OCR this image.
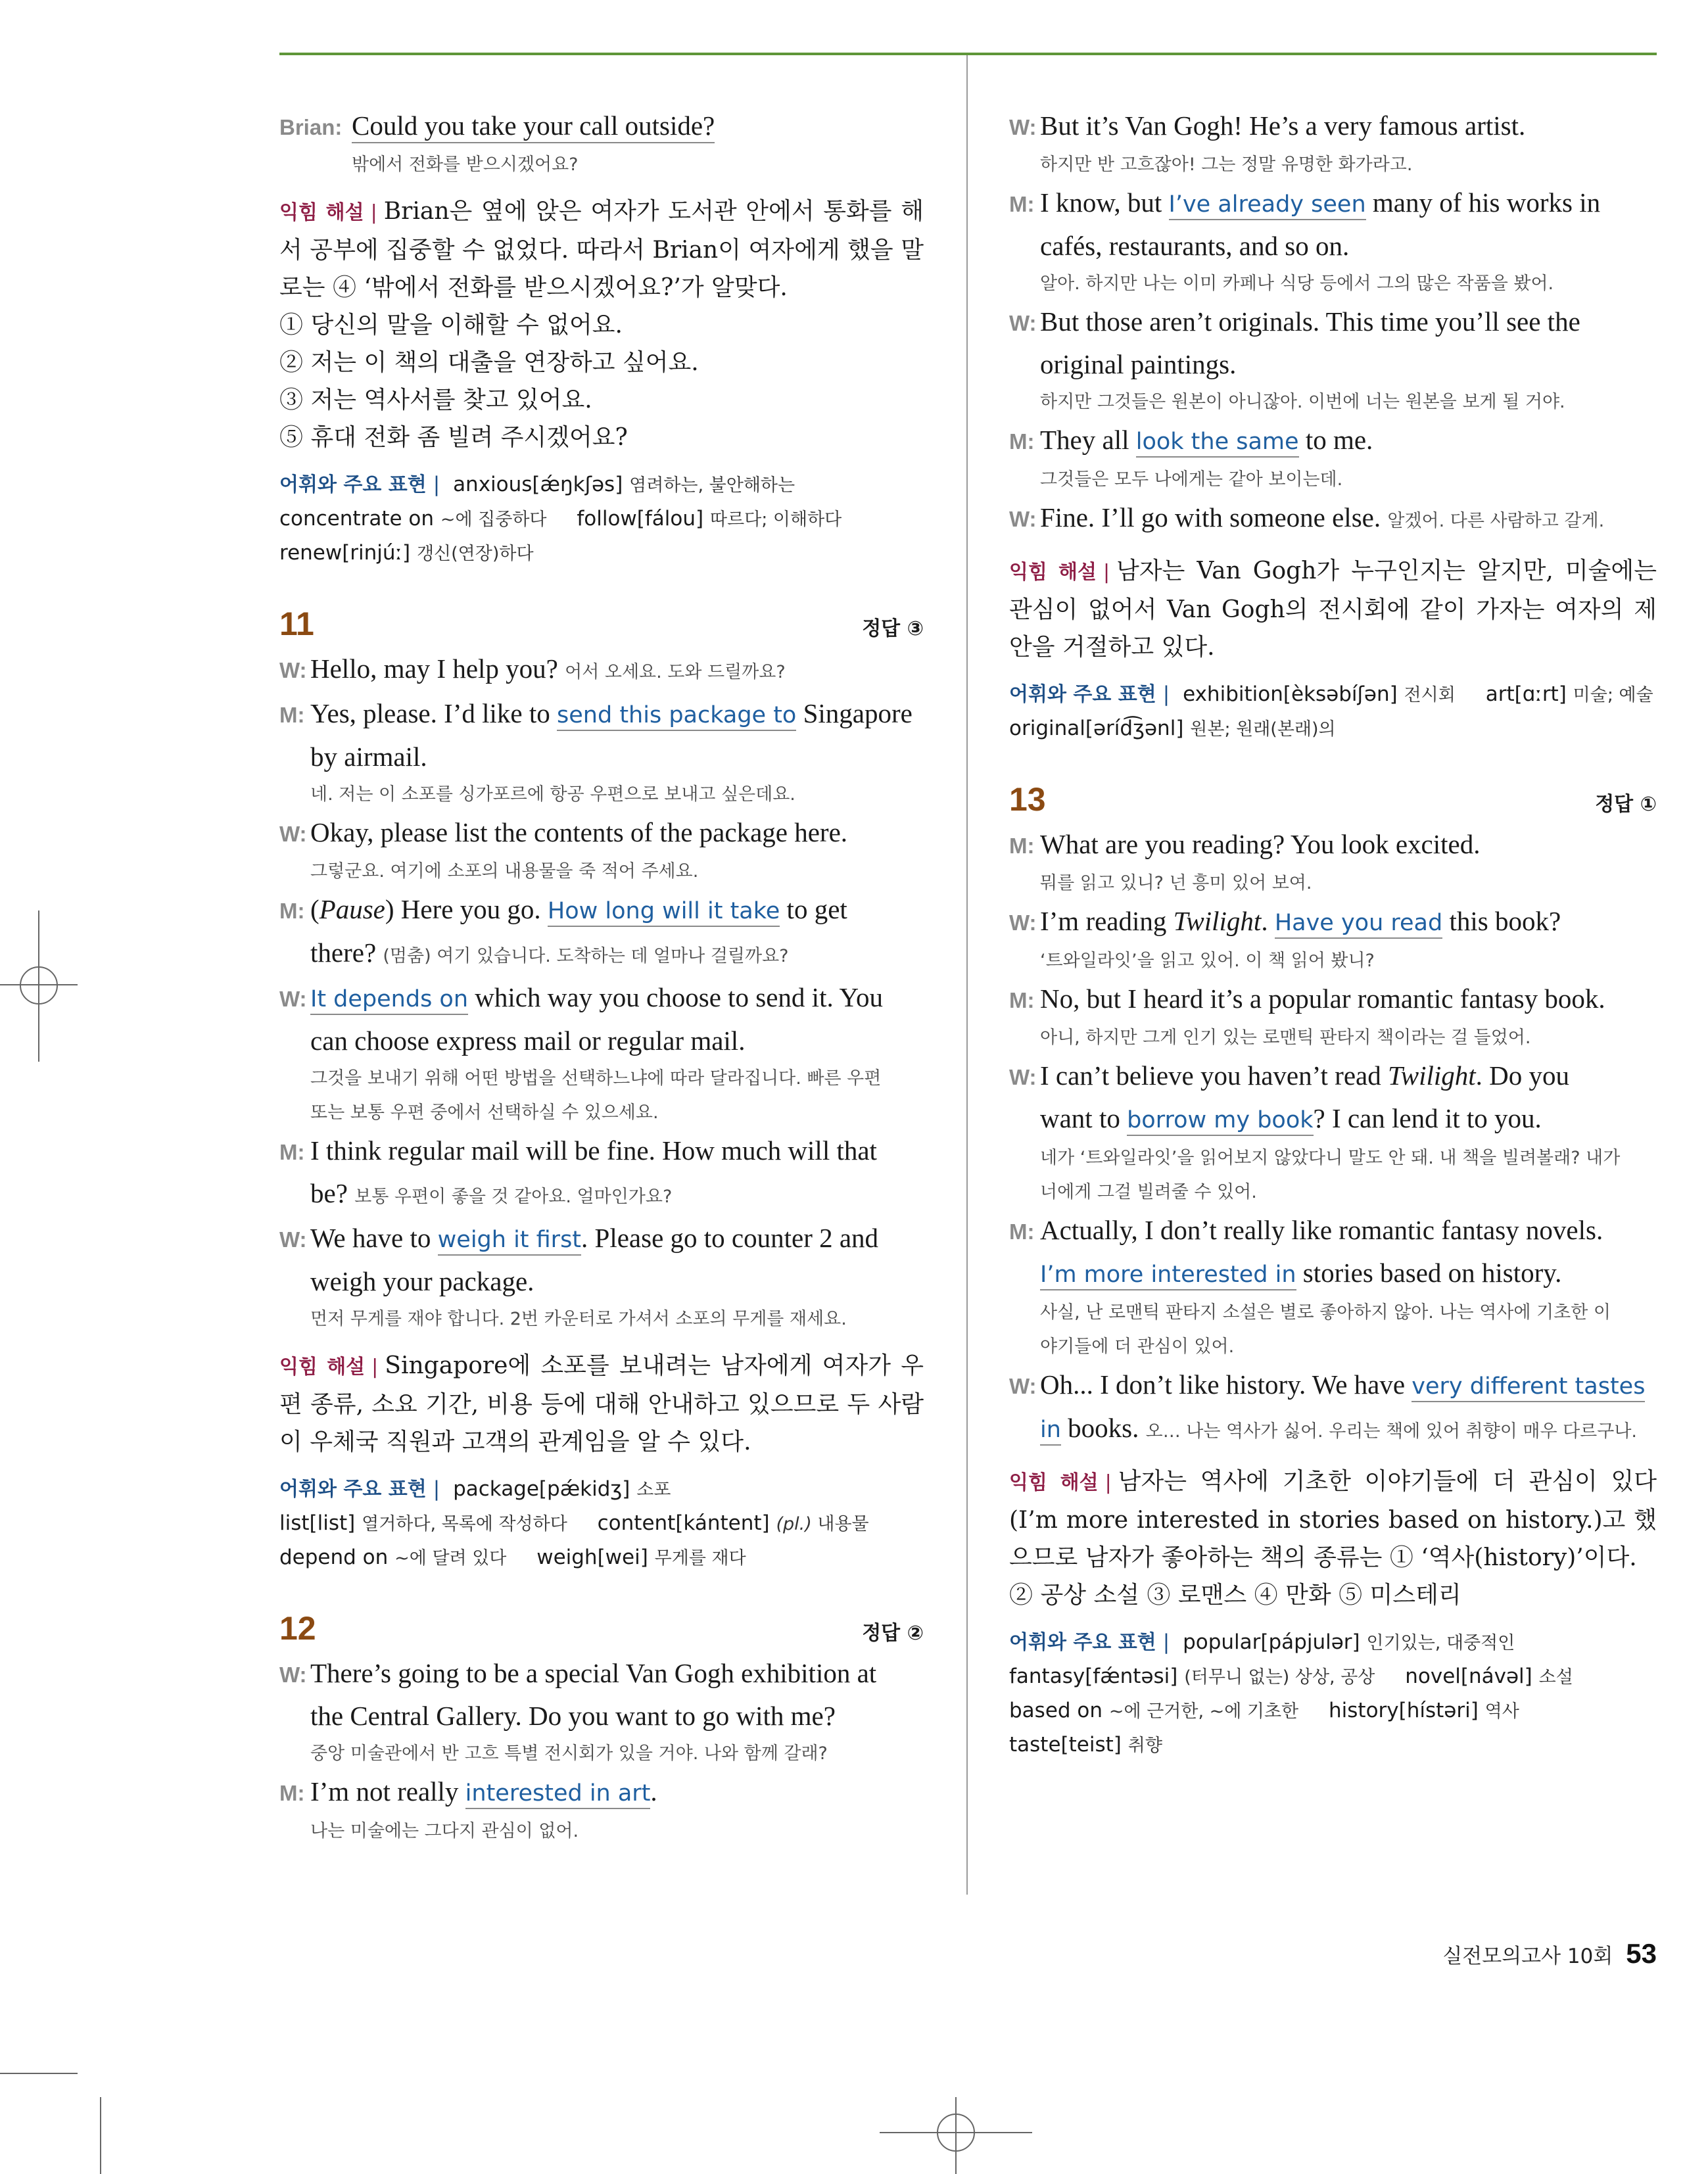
Brian: Could you take your call outside?
밖에서 전화를 받으시겠어요?
익힘 해설 | Brian은 옆에 앉은 여자가 도서관 안에서 통화를 해서 공부에 집중할 수 없었다. 따라서 Brian이 여자에게 했을 말로는 ④ ‘밖에서 전화를 받으시겠어요?’가 알맞다.
① 당신의 말을 이해할 수 없어요.
② 저는 이 책의 대출을 연장하고 싶어요.
③ 저는 역사서를 찾고 있어요.
⑤ 휴대 전화 좀 빌려 주시겠어요?
어휘와 주요 표현 | anxious[ǽŋkʃəs] 염려하는, 불안해하는
concentrate on ~에 집중하다 follow[fálou] 따르다; 이해하다
renew[rinjúː] 갱신(연장)하다
11	정답 ③
W: Hello, may I help you? 어서 오세요. 도와 드릴까요?
M: Yes, please. I’d like to send this package to Singapore
by airmail.
네. 저는 이 소포를 싱가포르에 항공 우편으로 보내고 싶은데요.
W: Okay, please list the contents of the package here.
그렇군요. 여기에 소포의 내용물을 죽 적어 주세요.
M: (Pause) Here you go. How long will it take to get
there? (멈춤) 여기 있습니다. 도착하는 데 얼마나 걸릴까요?
W: It depends on which way you choose to send it. You
can choose express mail or regular mail.
그것을 보내기 위해 어떤 방법을 선택하느냐에 따라 달라집니다. 빠른 우편
또는 보통 우편 중에서 선택하실 수 있으세요.
M: I think regular mail will be fine. How much will that
be? 보통 우편이 좋을 것 같아요. 얼마인가요?
W: We have to weigh it first. Please go to counter 2 and
weigh your package.
먼저 무게를 재야 합니다. 2번 카운터로 가셔서 소포의 무게를 재세요.
익힘 해설 | Singapore에 소포를 보내려는 남자에게 여자가 우편 종류, 소요 기간, 비용 등에 대해 안내하고 있으므로 두 사람이 우체국 직원과 고객의 관계임을 알 수 있다.
어휘와 주요 표현 | package[pǽkidʒ] 소포
list[list] 열거하다, 목록에 작성하다 content[kántent] (pl.) 내용물
depend on ~에 달려 있다 weigh[wei] 무게를 재다
12	정답 ②
W: There’s going to be a special Van Gogh exhibition at
the Central Gallery. Do you want to go with me?
중앙 미술관에서 반 고흐 특별 전시회가 있을 거야. 나와 함께 갈래?
M: I’m not really interested in art.
나는 미술에는 그다지 관심이 없어.
W: But it’s Van Gogh! He’s a very famous artist.
하지만 반 고흐잖아! 그는 정말 유명한 화가라고.
M: I know, but I’ve already seen many of his works in
cafés, restaurants, and so on.
알아. 하지만 나는 이미 카페나 식당 등에서 그의 많은 작품을 봤어.
W: But those aren’t originals. This time you’ll see the
original paintings.
하지만 그것들은 원본이 아니잖아. 이번에 너는 원본을 보게 될 거야.
M: They all look the same to me.
그것들은 모두 나에게는 같아 보이는데.
W: Fine. I’ll go with someone else. 알겠어. 다른 사람하고 갈게.
익힘 해설 | 남자는 Van Gogh가 누구인지는 알지만, 미술에는 관심이 없어서 Van Gogh의 전시회에 같이 가자는 여자의 제안을 거절하고 있다.
어휘와 주요 표현 | exhibition[èksəbíʃən] 전시회 art[ɑːrt] 미술; 예술
original[əríd͡ʒənl] 원본; 원래(본래)의
13	정답 ①
M: What are you reading? You look excited.
뭐를 읽고 있니? 넌 흥미 있어 보여.
W: I’m reading Twilight. Have you read this book?
‘트와일라잇’을 읽고 있어. 이 책 읽어 봤니?
M: No, but I heard it’s a popular romantic fantasy book.
아니, 하지만 그게 인기 있는 로맨틱 판타지 책이라는 걸 들었어.
W: I can’t believe you haven’t read Twilight. Do you
want to borrow my book? I can lend it to you.
네가 ‘트와일라잇’을 읽어보지 않았다니 말도 안 돼. 내 책을 빌려볼래? 내가
너에게 그걸 빌려줄 수 있어.
M: Actually, I don’t really like romantic fantasy novels.
I’m more interested in stories based on history.
사실, 난 로맨틱 판타지 소설은 별로 좋아하지 않아. 나는 역사에 기초한 이
야기들에 더 관심이 있어.
W: Oh... I don’t like history. We have very different tastes
in books. 오… 나는 역사가 싫어. 우리는 책에 있어 취향이 매우 다르구나.
익힘 해설 | 남자는 역사에 기초한 이야기들에 더 관심이 있다(I’m more interested in stories based on history.)고 했으므로 남자가 좋아하는 책의 종류는 ① ‘역사(history)’이다.
② 공상 소설 ③ 로맨스 ④ 만화 ⑤ 미스테리
어휘와 주요 표현 | popular[pápjulər] 인기있는, 대중적인
fantasy[fǽntəsi] (터무니 없는) 상상, 공상 novel[návəl] 소설
based on ~에 근거한, ~에 기초한 history[hístəri] 역사
taste[teist] 취향
실전모의고사 10회 53
